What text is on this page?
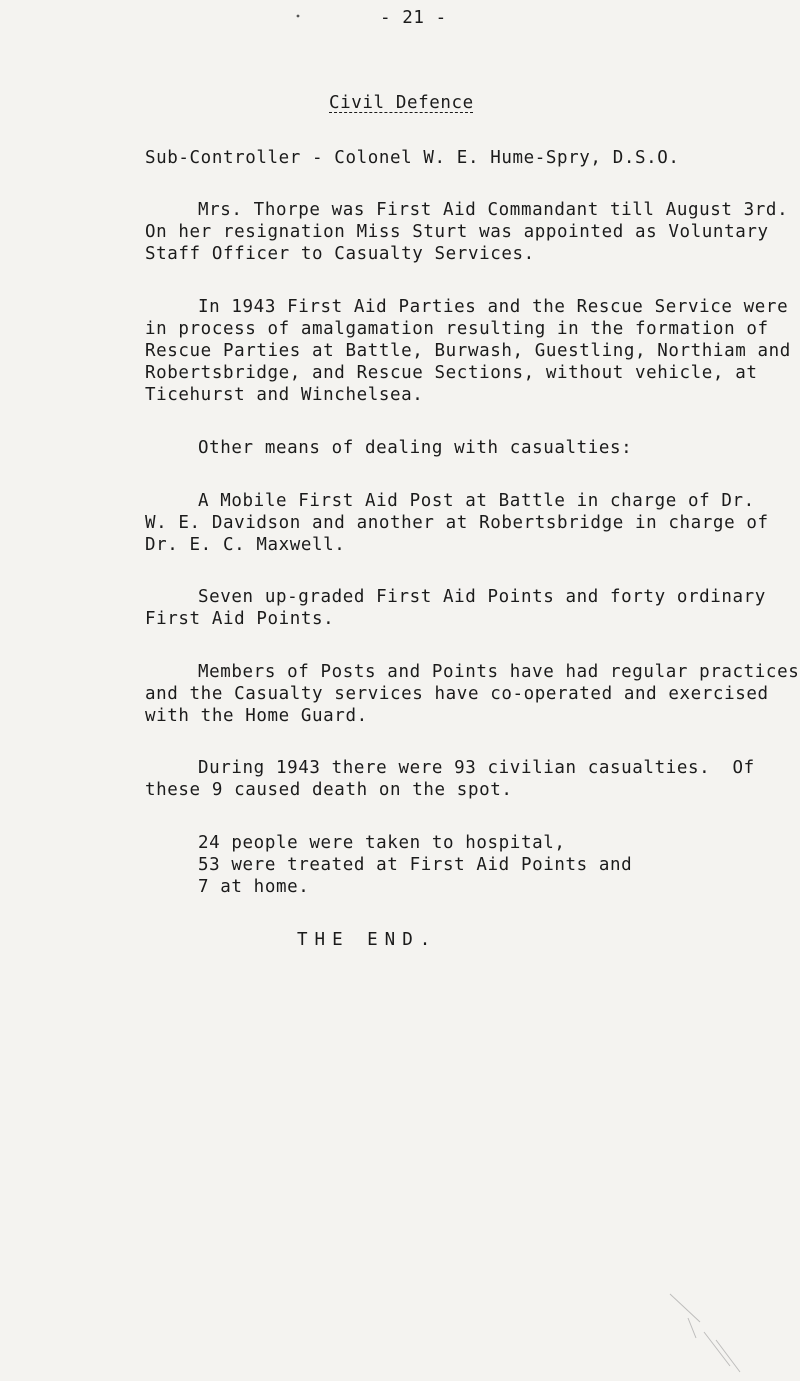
- 21 -

Civil Defence

Sub-Controller - Colonel W. E. Hume-Spry, D.S.O.

Mrs. Thorpe was First Aid Commandant till August 3rd.

On her resignation Miss Sturt was appointed as Voluntary

Staff Officer to Casualty Services.

In 1943 First Aid Parties and the Rescue Service were

in process of amalgamation resulting in the formation of

Rescue Parties at Battle, Burwash, Guestling, Northiam and

Robertsbridge, and Rescue Sections, without vehicle, at

Ticehurst and Winchelsea.

Other means of dealing with casualties:

A Mobile First Aid Post at Battle in charge of Dr.

W. E. Davidson and another at Robertsbridge in charge of

Dr. E. C. Maxwell.

Seven up-graded First Aid Points and forty ordinary

First Aid Points.

Members of Posts and Points have had regular practices

and the Casualty services have co-operated and exercised

with the Home Guard.

During 1943 there were 93 civilian casualties.  Of

these 9 caused death on the spot.

24 people were taken to hospital,

53 were treated at First Aid Points and

7 at home.

THE END.
